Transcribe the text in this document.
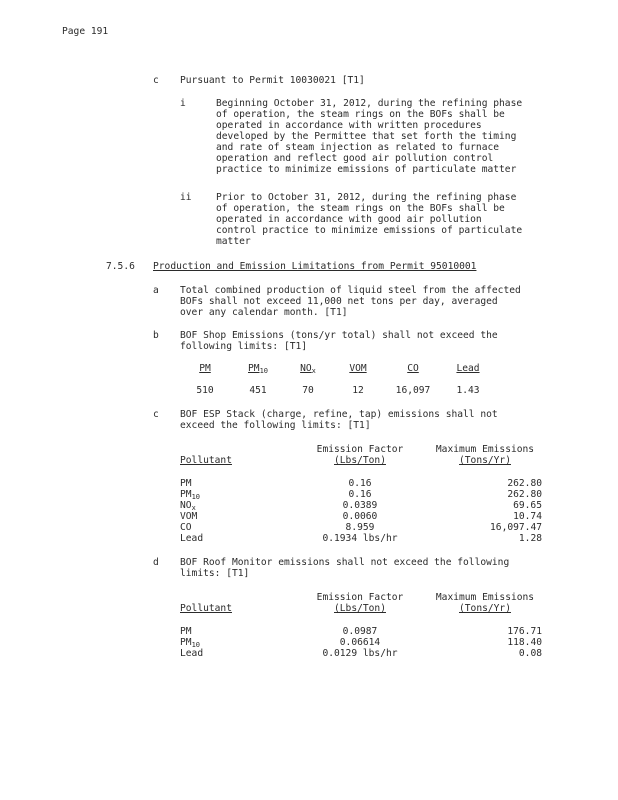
Page 191
c Pursuant to Permit 10030021 [T1]
i	Beginning October 31, 2012, during the refining phase
of operation, the steam rings on the BOFs shall be
operated in accordance with written procedures
developed by the Permittee that set forth the timing
and rate of steam injection as related to furnace
operation and reflect good air pollution control
practice to minimize emissions of particulate matter
ii	Prior to October 31, 2012, during the refining phase
of operation, the steam rings on the BOFs shall be
operated in accordance with good air pollution
control practice to minimize emissions of particulate
matter
7.5.6 Production and Emission Limitations from Permit 95010001
a Total combined production of liquid steel from the affected
BOFs shall not exceed 11,000 net tons per day, averaged
over any calendar month. [T1]
b BOF Shop Emissions (tons/yr total) shall not exceed the
following limits: [T1]
PM	$PM_{10}$	$NO_x$	VOM	CO	Lead
510	451	70	12	16,097	1.43
c BOF ESP Stack (charge, refine, tap) emissions shall not
exceed the following limits: [T1]
Emission Factor	Maximum Emissions
Pollutant	(Lbs/Ton)	(Tons/Yr)
PM	0.16	262.80
$PM_{10}$	0.16	262.80
$NO_x$	0.0389	69.65
VOM	0.0060	10.74
CO	8.959	16,097.47
Lead	0.1934 lbs/hr	1.28
d BOF Roof Monitor emissions shall not exceed the following
limits: [T1]
Emission Factor	Maximum Emissions
Pollutant	(Lbs/Ton)	(Tons/Yr)
PM	0.0987	176.71
$PM_{10}$	0.06614	118.40
Lead	0.0129 lbs/hr	0.08
